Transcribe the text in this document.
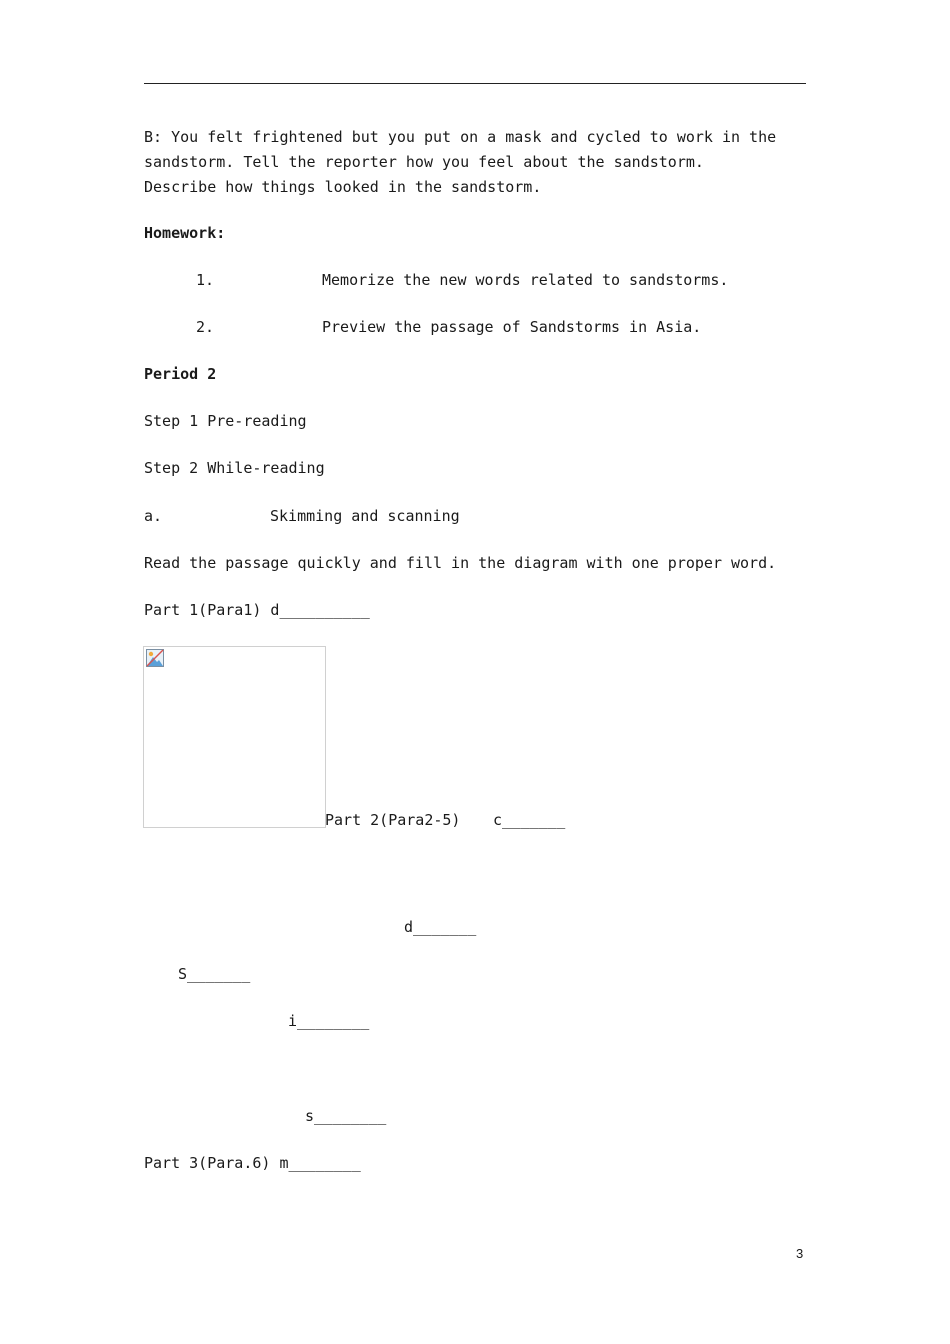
B: You felt frightened but you put on a mask and cycled to work in the sandstorm. Tell the reporter how you feel about the sandstorm. Describe how things looked in the sandstorm.
Homework:
1.	Memorize the new words related to sandstorms.
2.	Preview the passage of Sandstorms in Asia.
Period 2
Step 1 Pre-reading
Step 2 While-reading
a.	Skimming and scanning
Read the passage quickly and fill in the diagram with one proper word.
Part 1(Para1) d__________
Part 2(Para2-5) c_______
d_______
S_______
i________
s________
Part 3(Para.6) m________
3
